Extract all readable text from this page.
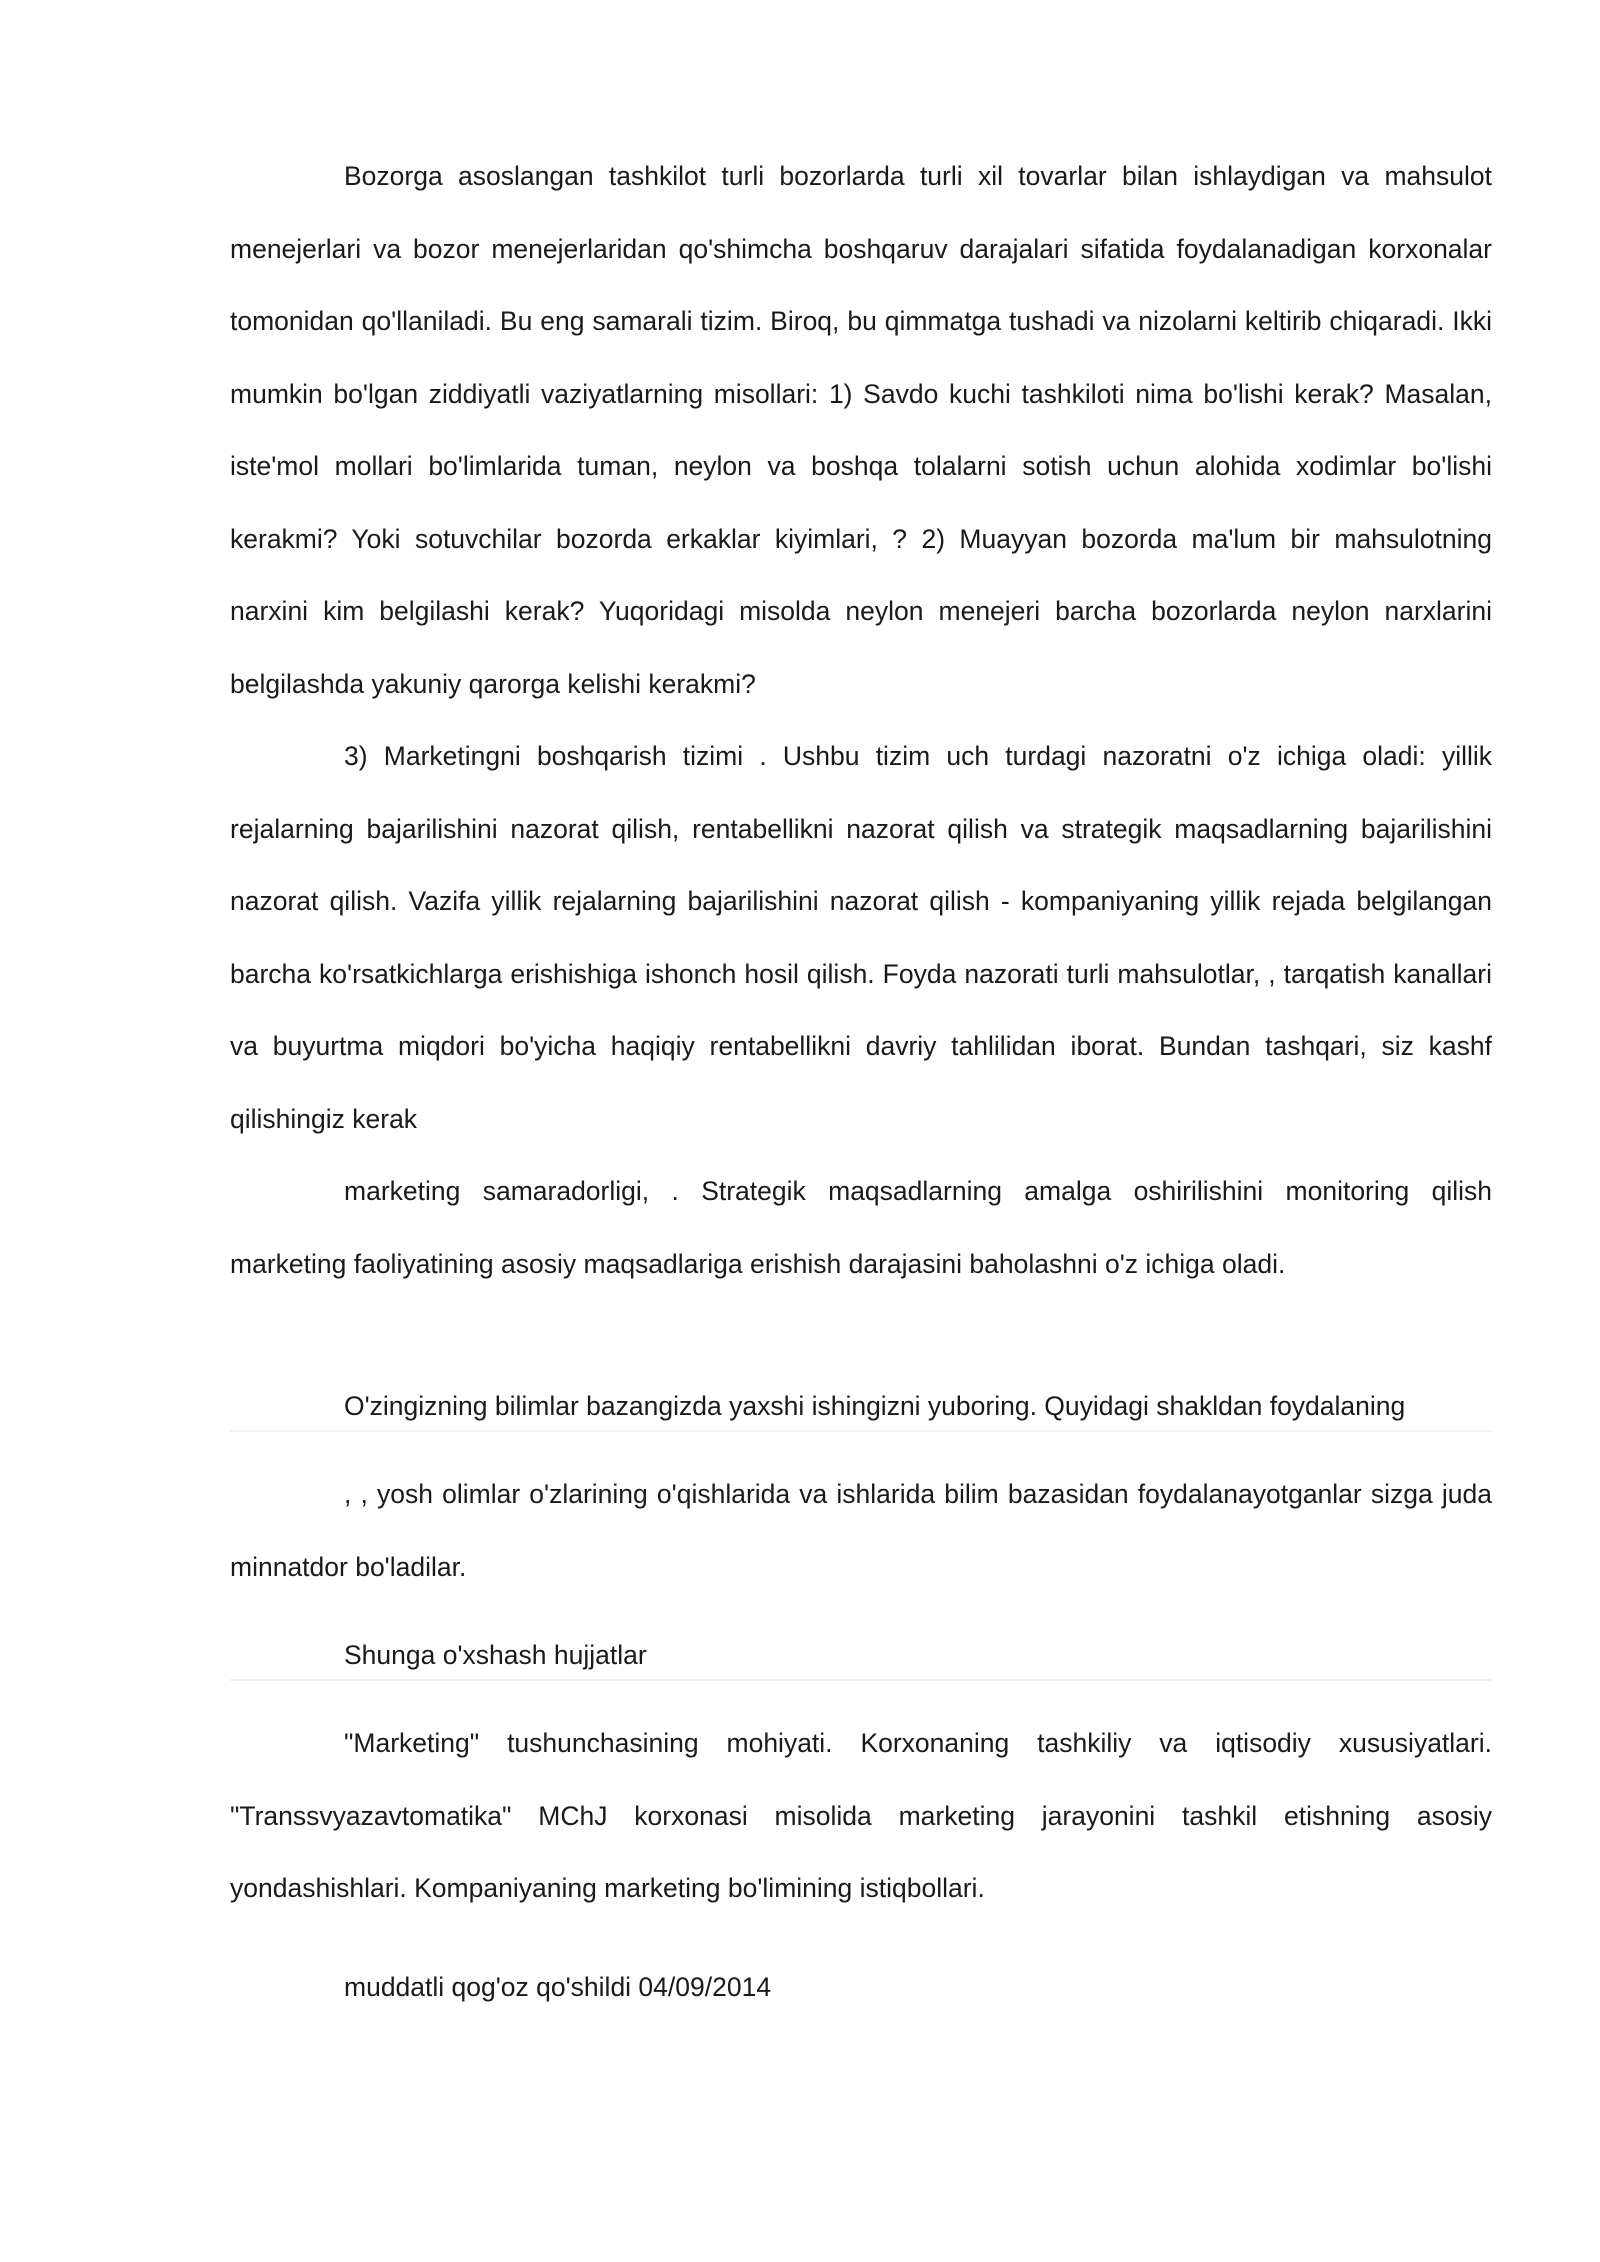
Bozorga asoslangan tashkilot turli bozorlarda turli xil tovarlar bilan ishlaydigan va mahsulot menejerlari va bozor menejerlaridan qo'shimcha boshqaruv darajalari sifatida foydalanadigan korxonalar tomonidan qo'llaniladi. Bu eng samarali tizim. Biroq, bu qimmatga tushadi va nizolarni keltirib chiqaradi. Ikki mumkin bo'lgan ziddiyatli vaziyatlarning misollari: 1) Savdo kuchi tashkiloti nima bo'lishi kerak? Masalan, iste'mol mollari bo'limlarida tuman, neylon va boshqa tolalarni sotish uchun alohida xodimlar bo'lishi kerakmi? Yoki sotuvchilar bozorda erkaklar kiyimlari, ? 2) Muayyan bozorda ma'lum bir mahsulotning narxini kim belgilashi kerak? Yuqoridagi misolda neylon menejeri barcha bozorlarda neylon narxlarini belgilashda yakuniy qarorga kelishi kerakmi?

3) Marketingni boshqarish tizimi . Ushbu tizim uch turdagi nazoratni o'z ichiga oladi: yillik rejalarning bajarilishini nazorat qilish, rentabellikni nazorat qilish va strategik maqsadlarning bajarilishini nazorat qilish. Vazifa yillik rejalarning bajarilishini nazorat qilish - kompaniyaning yillik rejada belgilangan barcha ko'rsatkichlarga erishishiga ishonch hosil qilish. Foyda nazorati turli mahsulotlar, , tarqatish kanallari va buyurtma miqdori bo'yicha haqiqiy rentabellikni davriy tahlilidan iborat. Bundan tashqari, siz kashf qilishingiz kerak

marketing samaradorligi, . Strategik maqsadlarning amalga oshirilishini monitoring qilish marketing faoliyatining asosiy maqsadlariga erishish darajasini baholashni o'z ichiga oladi.

O'zingizning bilimlar bazangizda yaxshi ishingizni yuboring. Quyidagi shakldan foydalaning

, , yosh olimlar o'zlarining o'qishlarida va ishlarida bilim bazasidan foydalanayotganlar sizga juda minnatdor bo'ladilar.

Shunga o'xshash hujjatlar

"Marketing" tushunchasining mohiyati. Korxonaning tashkiliy va iqtisodiy xususiyatlari. "Transsvyazavtomatika" MChJ korxonasi misolida marketing jarayonini tashkil etishning asosiy yondashishlari. Kompaniyaning marketing bo'limining istiqbollari.

muddatli qog'oz qo'shildi 04/09/2014
